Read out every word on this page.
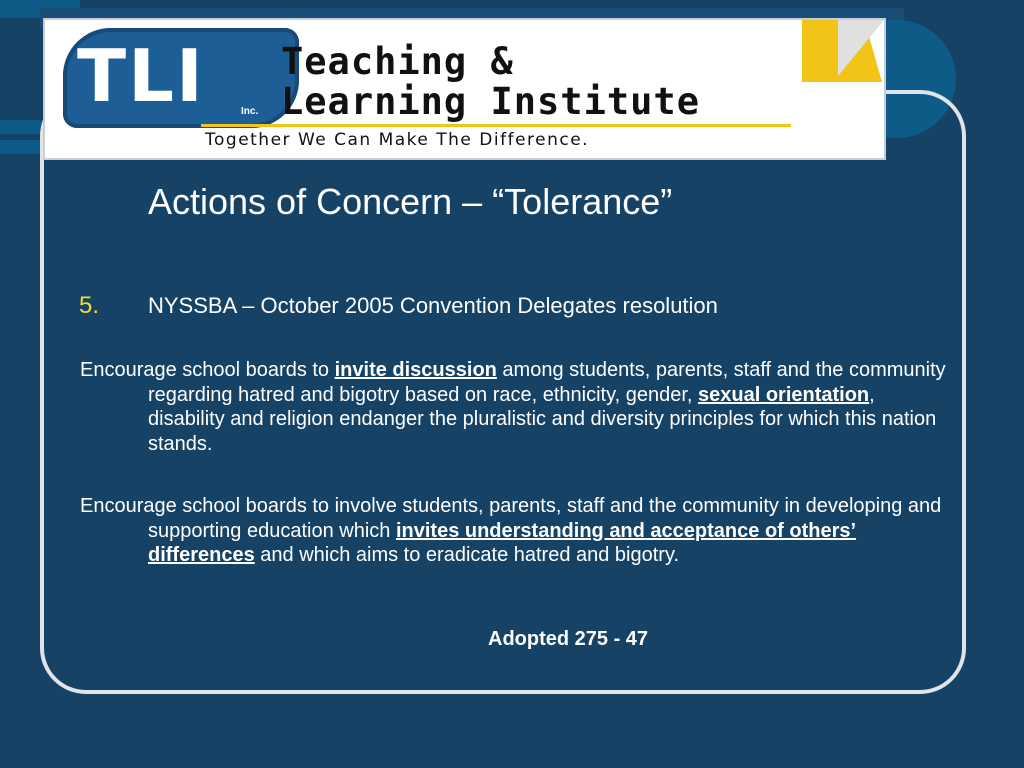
TLI	Inc.
Teaching &
Learning Institute
Together We Can Make The Difference.
Actions of Concern – “Tolerance”
5. NYSSBA – October 2005 Convention Delegates resolution
Encourage school boards to invite discussion among students, parents, staff and the community regarding hatred and bigotry based on race, ethnicity, gender, sexual orientation, disability and religion endanger the pluralistic and diversity principles for which this nation stands.
Encourage school boards to involve students, parents, staff and the community in developing and supporting education which invites understanding and acceptance of others’ differences and which aims to eradicate hatred and bigotry.
Adopted 275 - 47
